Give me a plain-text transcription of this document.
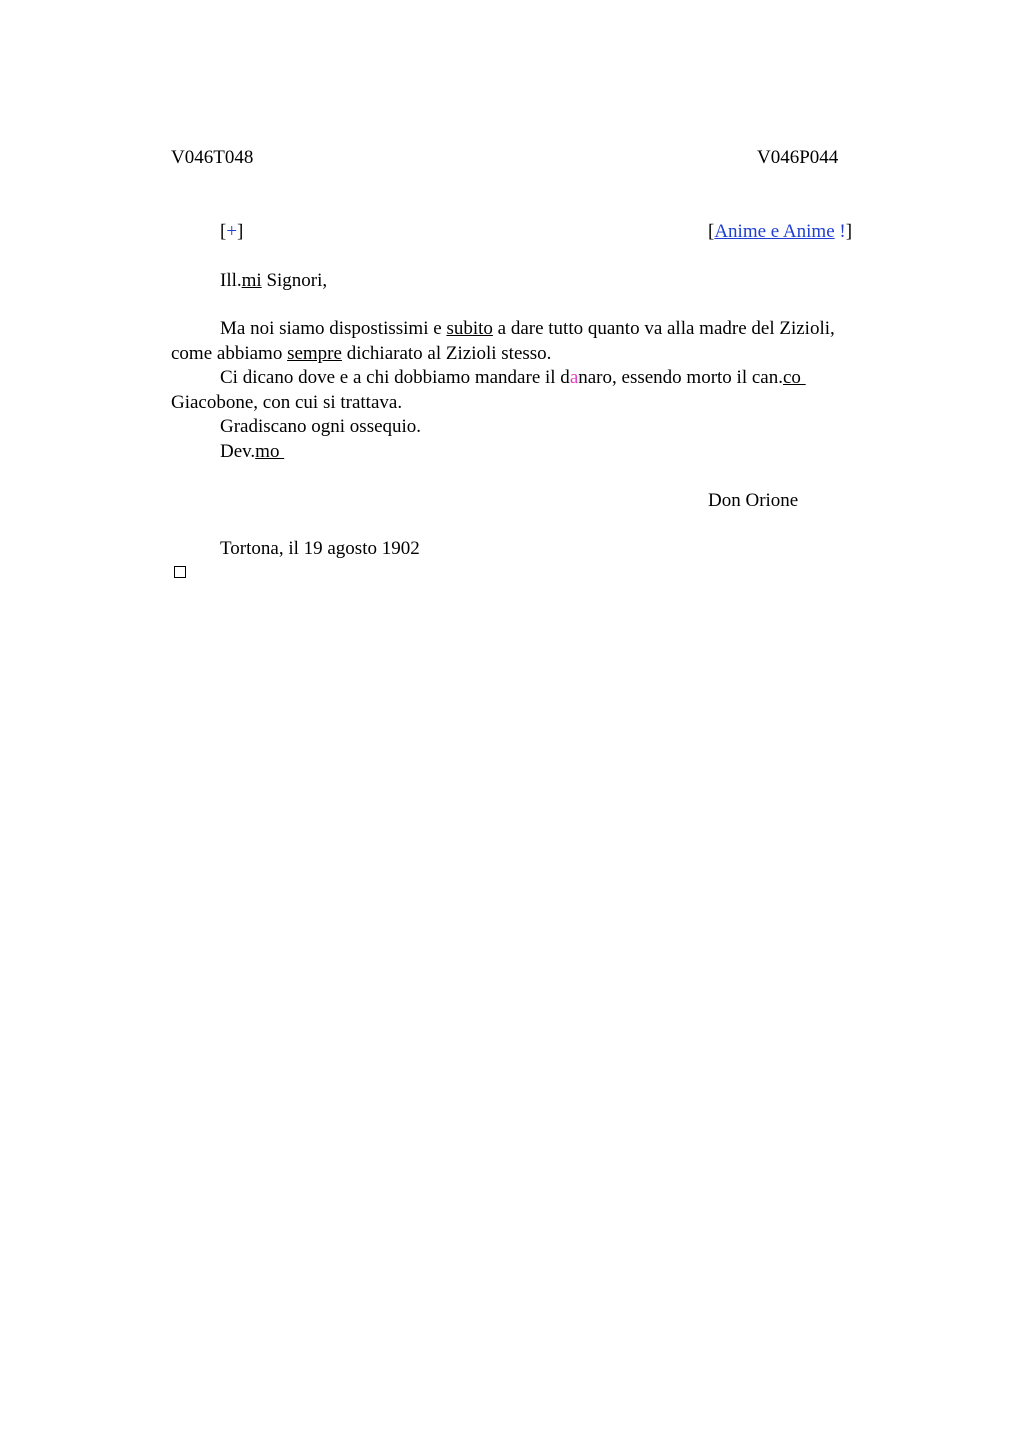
V046T048	V046P044
[+]	[Anime e Anime !]
Ill.mi Signori,
Ma noi siamo dispostissimi e subito a dare tutto quanto va alla madre del Zizioli,
come abbiamo sempre dichiarato al Zizioli stesso.
Ci dicano dove e a chi dobbiamo mandare il danaro, essendo morto il can.co
Giacobone, con cui si trattava.
Gradiscano ogni ossequio.
Dev.mo
Don Orione
Tortona, il 19 agosto 1902
